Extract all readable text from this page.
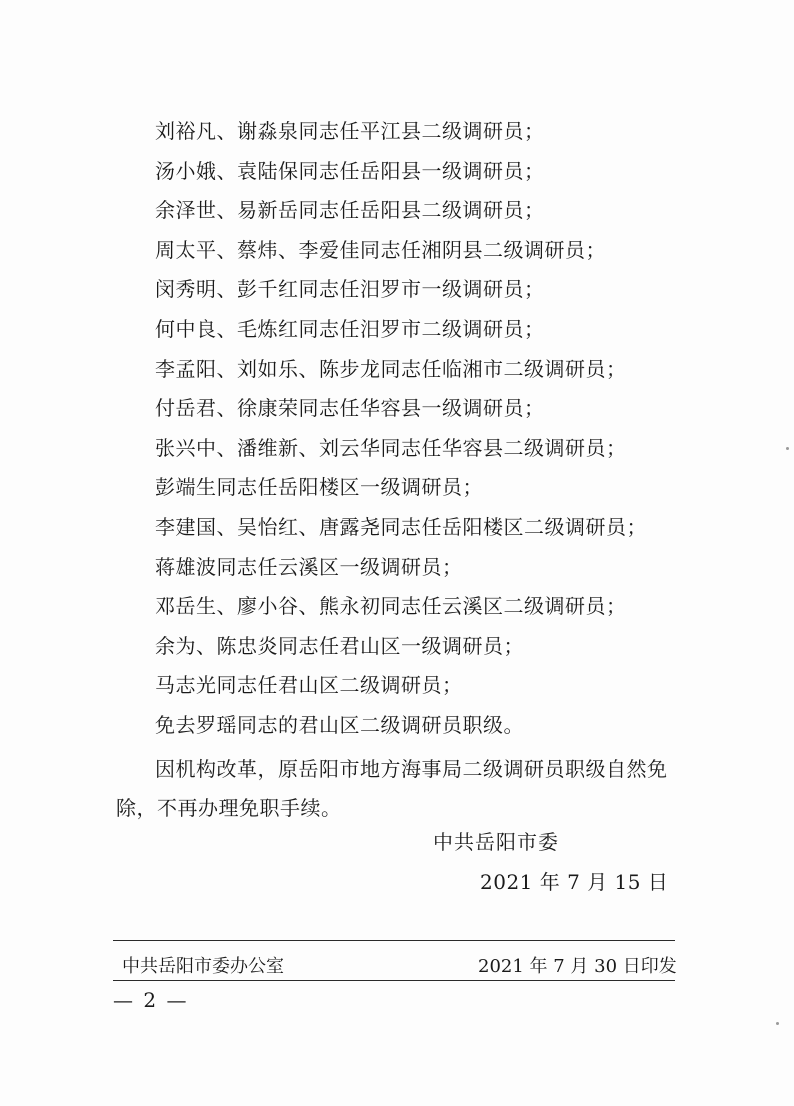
刘裕凡、谢淼泉同志任平江县二级调研员；
汤小娥、袁陆保同志任岳阳县一级调研员；
余泽世、易新岳同志任岳阳县二级调研员；
周太平、蔡炜、李爱佳同志任湘阴县二级调研员；
闵秀明、彭千红同志任汨罗市一级调研员；
何中良、毛炼红同志任汨罗市二级调研员；
李孟阳、刘如乐、陈步龙同志任临湘市二级调研员；
付岳君、徐康荣同志任华容县一级调研员；
张兴中、潘维新、刘云华同志任华容县二级调研员；
彭端生同志任岳阳楼区一级调研员；
李建国、吴怡红、唐露尧同志任岳阳楼区二级调研员；
蒋雄波同志任云溪区一级调研员；
邓岳生、廖小谷、熊永初同志任云溪区二级调研员；
余为、陈忠炎同志任君山区一级调研员；
马志光同志任君山区二级调研员；
免去罗瑶同志的君山区二级调研员职级。
因机构改革，原岳阳市地方海事局二级调研员职级自然免
除，不再办理免职手续。
中共岳阳市委
2021 年 7 月 15 日
中共岳阳市委办公室	2021 年 7 月 30 日印发
— 2 —
